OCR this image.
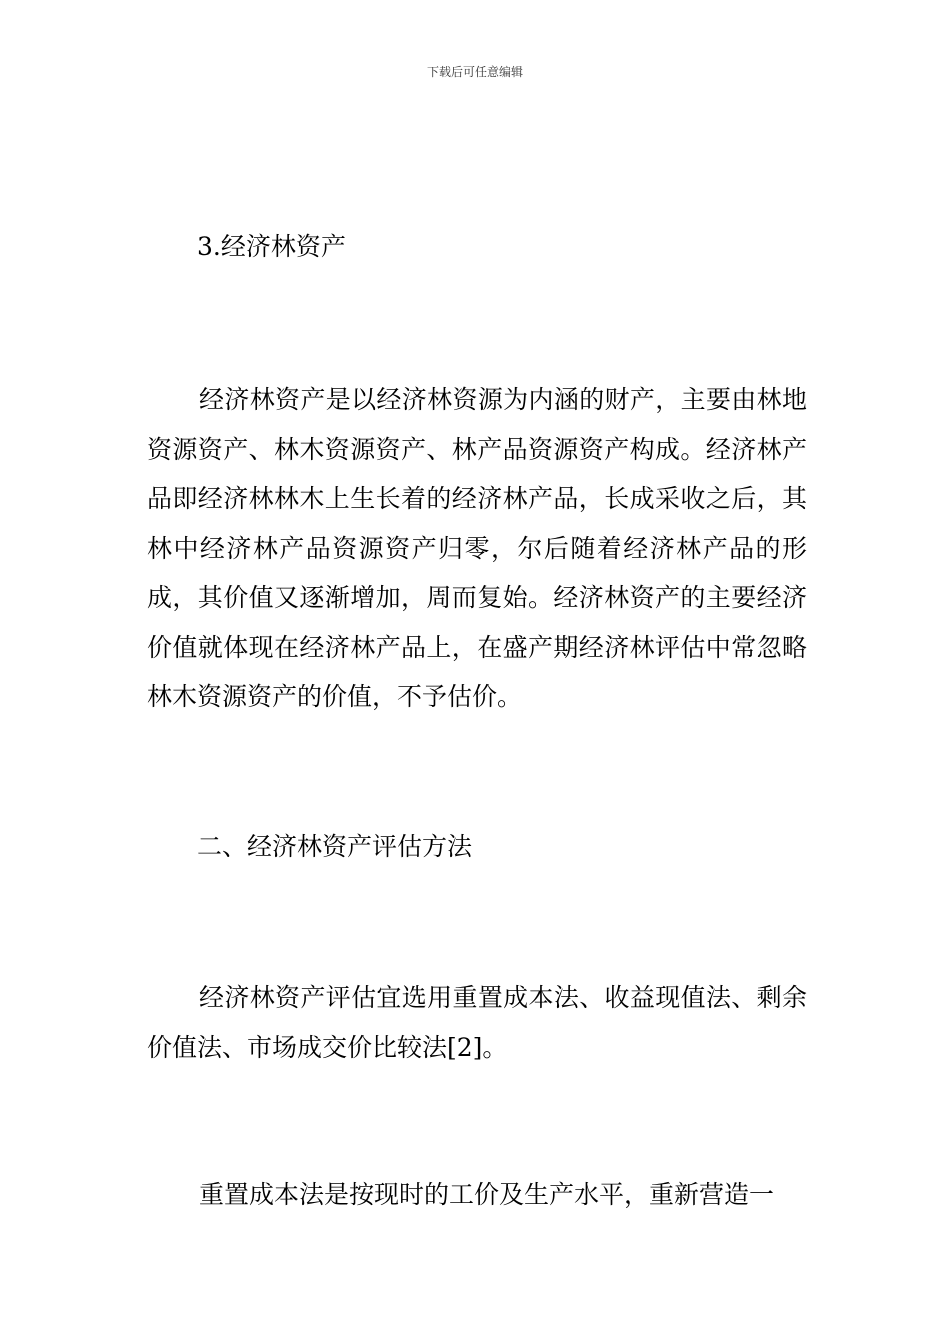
下载后可任意编辑
3.经济林资产

经济林资产是以经济林资源为内涵的财产，主要由林地资源资产、林木资源资产、林产品资源资产构成。经济林产品即经济林林木上生长着的经济林产品，长成采收之后，其林中经济林产品资源资产归零，尔后随着经济林产品的形成，其价值又逐渐增加，周而复始。经济林资产的主要经济价值就体现在经济林产品上，在盛产期经济林评估中常忽略林木资源资产的价值，不予估价。

二、经济林资产评估方法

经济林资产评估宜选用重置成本法、收益现值法、剩余价值法、市场成交价比较法[2]。

重置成本法是按现时的工价及生产水平，重新营造一
